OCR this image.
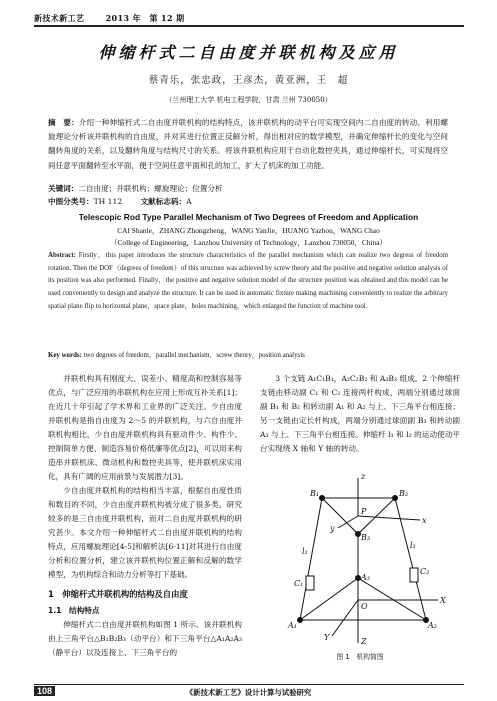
新技术新工艺	2013 年　第 12 期
伸缩杆式二自由度并联机构及应用
蔡青乐，张忠政，王彦杰，黄亚洲，王　超
（兰州理工大学 机电工程学院，甘肃 兰州 730050）
摘　要：介绍一种伸缩杆式二自由度并联机构的结构特点，该并联机构的动平台可实现空间内二自由度的转动。利用螺旋理论分析该并联机构的自由度，并对其进行位置正反解分析，得出相对应的数学模型，并确定伸缩杆长的变化与空间翻转角度的关系，以及翻转角度与结构尺寸的关系。将该并联机构应用于自动化数控夹具，通过伸缩杆长，可实现将空间任意平面翻转至水平面，便于空间任意平面和孔的加工，扩大了机床的加工功能。
关键词：二自由度；并联机构；螺旋理论；位置分析
中图分类号：TH 112 文献标志码：A
Telescopic Rod Type Parallel Mechanism of Two Degrees of Freedom and Application
CAI Shanle，ZHANG Zhongzheng，WANG YanJie，HUANG Yazhou，WANG Chao
（College of Engineering，Lanzhou University of Technology，Lanzhou 730050，China）
Abstract: Firstly，this paper introduces the structure characteristics of the parallel mechanism which can realize two degress of freedom rotation. Then the DOF（degrees of freedom）of this structure was achieved by screw theory and the positive and negative solution analysis of its position was also performed. Finally，the positive and negative solution model of the structure position was obtained and this model can be used conveniently to design and analyze the structure. It can be used in automatic fixture making machining conveniently to realize the arbitrary spatial plane flip to horizontal plane，space plate，holes machining，which enlarged the function of machine tool.
Key words: two degrees of freedom，parallel mechanism，screw theory，position analysis

并联机构具有刚度大、误差小、精度高和控制容易等优点，与广泛应用的串联机构在应用上形成互补关系[1]；在近几十年引起了学术界和工业界的广泛关注。少自由度并联机构是指自由度为 2～5 的并联机构，与六自由度并联机构相比，少自由度并联机构具有驱动件少、构件少、控制简单方便、制造容易价格低廉等优点[2]，可以用来构造串并联机床、微动机构和数控夹具等，使并联机床实用化，具有广阔的应用前景与发展潜力[3]。

少自由度并联机构的结构相当丰富，根据自由度性质和数目的不同，少自由度并联机构被分成了很多类，研究较多的是三自由度并联机构，而对二自由度并联机构的研究甚少。本文介绍一种伸缩杆式二自由度并联机构的结构特点，应用螺旋理论[4-5]和解析法[6-11]对其进行自由度分析和位置分析，建立该并联机构位置正解和反解的数学模型，为机构综合和动力分析等打下基础。

1　伸缩杆式并联机构的结构及自由度
1.1　结构特点

伸缩杆式二自由度并联机构如图 1 所示。该并联机构由上三角平台△B₁B₂B₃（动平台）和下三角平台△A₁A₂A₃（静平台）以及连接上、下三角平台的

3 个支链 A₁C₁B₁，A₂C₂B₂ 和 A₃B₃ 组成。2 个伸缩杆支链由移动副 C₁ 和 C₂ 连接两杆构成，两端分别通过球面副 B₁ 和 B₂ 和转动副 A₁ 和 A₂ 与上、下三角平台相连接；另一支链由定长杆构成，两端分别通过球面副 B₃ 和转动副 A₃ 与上、下三角平台相连接。伸缩杆 l₁ 和 l₂ 的运动使动平台实现绕 X 轴和 Y 轴的转动。

z
x
y
P
Z
X
Y
O
B₁	B₂
B₃
A₁	A₂
A₃
C₁
C₂
l₁
l₂
图 1　机构简图
108	《新技术新工艺》设计计算与试验研究
